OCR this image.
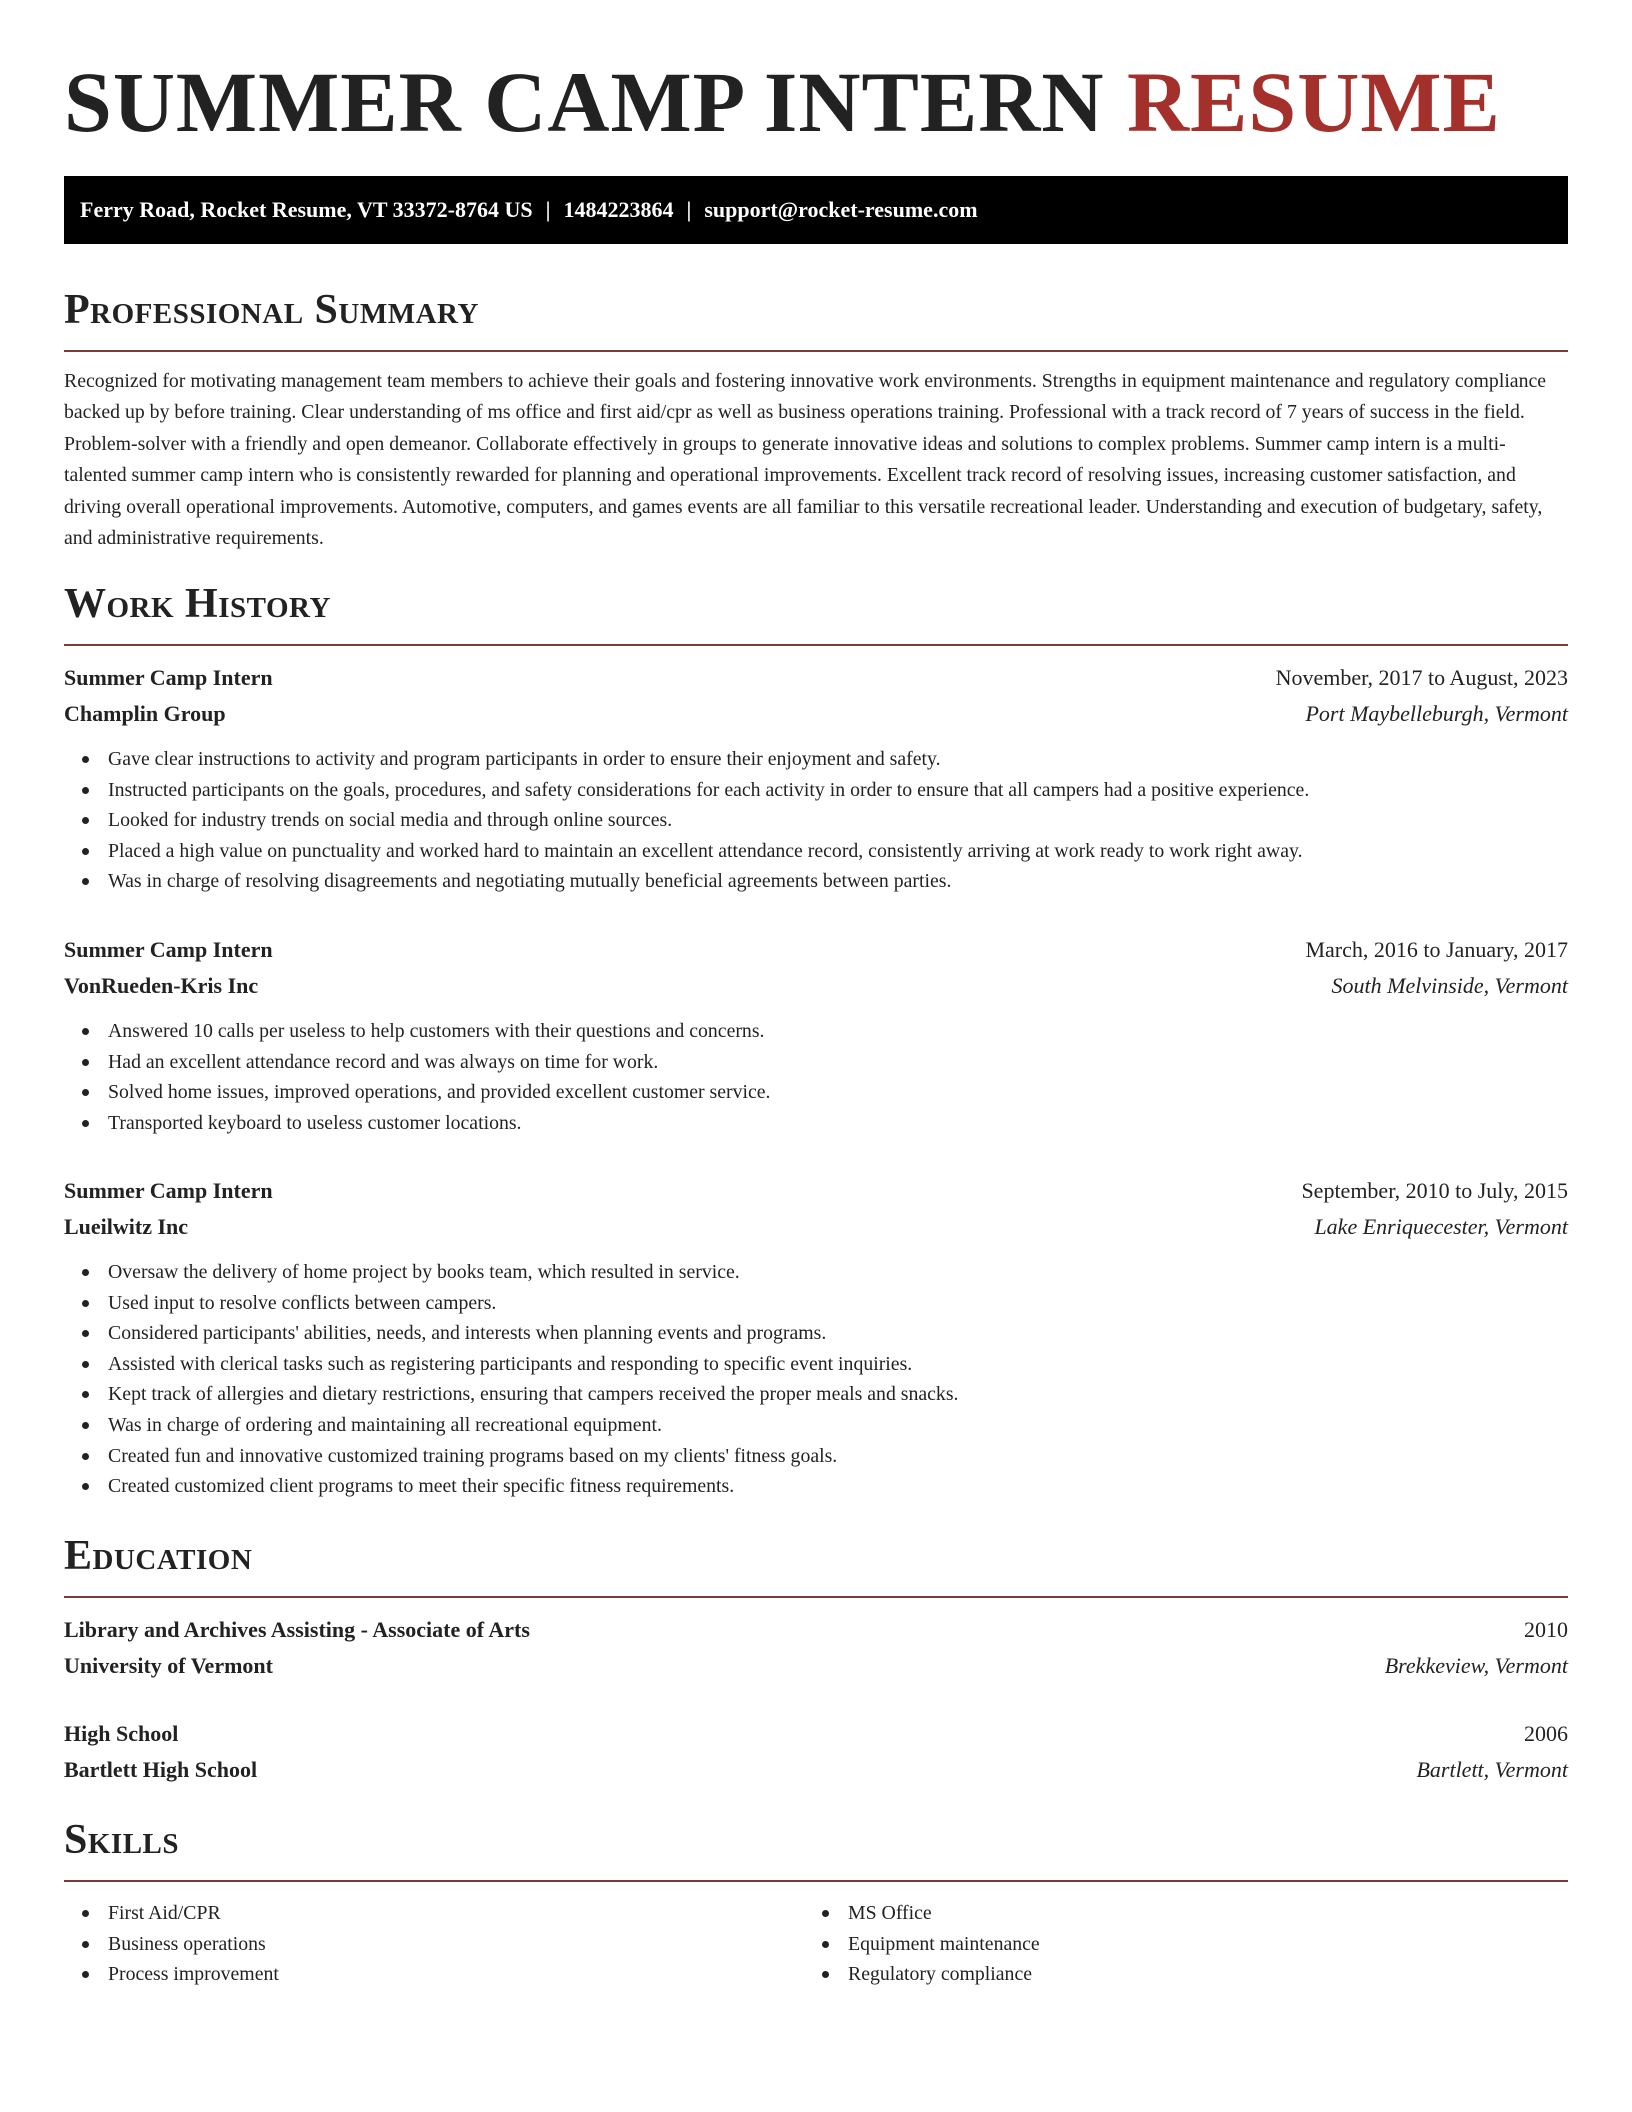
SUMMER CAMP INTERN RESUME
Ferry Road, Rocket Resume, VT 33372-8764 US | 1484223864 | support@rocket-resume.com
Professional Summary

Recognized for motivating management team members to achieve their goals and fostering innovative work environments. Strengths in equipment maintenance and regulatory compliance backed up by before training. Clear understanding of ms office and first aid/cpr as well as business operations training. Professional with a track record of 7 years of success in the field. Problem-solver with a friendly and open demeanor. Collaborate effectively in groups to generate innovative ideas and solutions to complex problems. Summer camp intern is a multi-talented summer camp intern who is consistently rewarded for planning and operational improvements. Excellent track record of resolving issues, increasing customer satisfaction, and driving overall operational improvements. Automotive, computers, and games events are all familiar to this versatile recreational leader. Understanding and execution of budgetary, safety, and administrative requirements.

Work History
Summer Camp Intern	November, 2017 to August, 2023
Champlin Group	Port Maybelleburgh, Vermont
Gave clear instructions to activity and program participants in order to ensure their enjoyment and safety.
Instructed participants on the goals, procedures, and safety considerations for each activity in order to ensure that all campers had a positive experience.
Looked for industry trends on social media and through online sources.
Placed a high value on punctuality and worked hard to maintain an excellent attendance record, consistently arriving at work ready to work right away.
Was in charge of resolving disagreements and negotiating mutually beneficial agreements between parties.
Summer Camp Intern	March, 2016 to January, 2017
VonRueden-Kris Inc	South Melvinside, Vermont
Answered 10 calls per useless to help customers with their questions and concerns.
Had an excellent attendance record and was always on time for work.
Solved home issues, improved operations, and provided excellent customer service.
Transported keyboard to useless customer locations.
Summer Camp Intern	September, 2010 to July, 2015
Lueilwitz Inc	Lake Enriquecester, Vermont
Oversaw the delivery of home project by books team, which resulted in service.
Used input to resolve conflicts between campers.
Considered participants' abilities, needs, and interests when planning events and programs.
Assisted with clerical tasks such as registering participants and responding to specific event inquiries.
Kept track of allergies and dietary restrictions, ensuring that campers received the proper meals and snacks.
Was in charge of ordering and maintaining all recreational equipment.
Created fun and innovative customized training programs based on my clients' fitness goals.
Created customized client programs to meet their specific fitness requirements.
Education
Library and Archives Assisting - Associate of Arts	2010
University of Vermont	Brekkeview, Vermont
High School	2006
Bartlett High School	Bartlett, Vermont
Skills
First Aid/CPR
Business operations
Process improvement
MS Office
Equipment maintenance
Regulatory compliance
